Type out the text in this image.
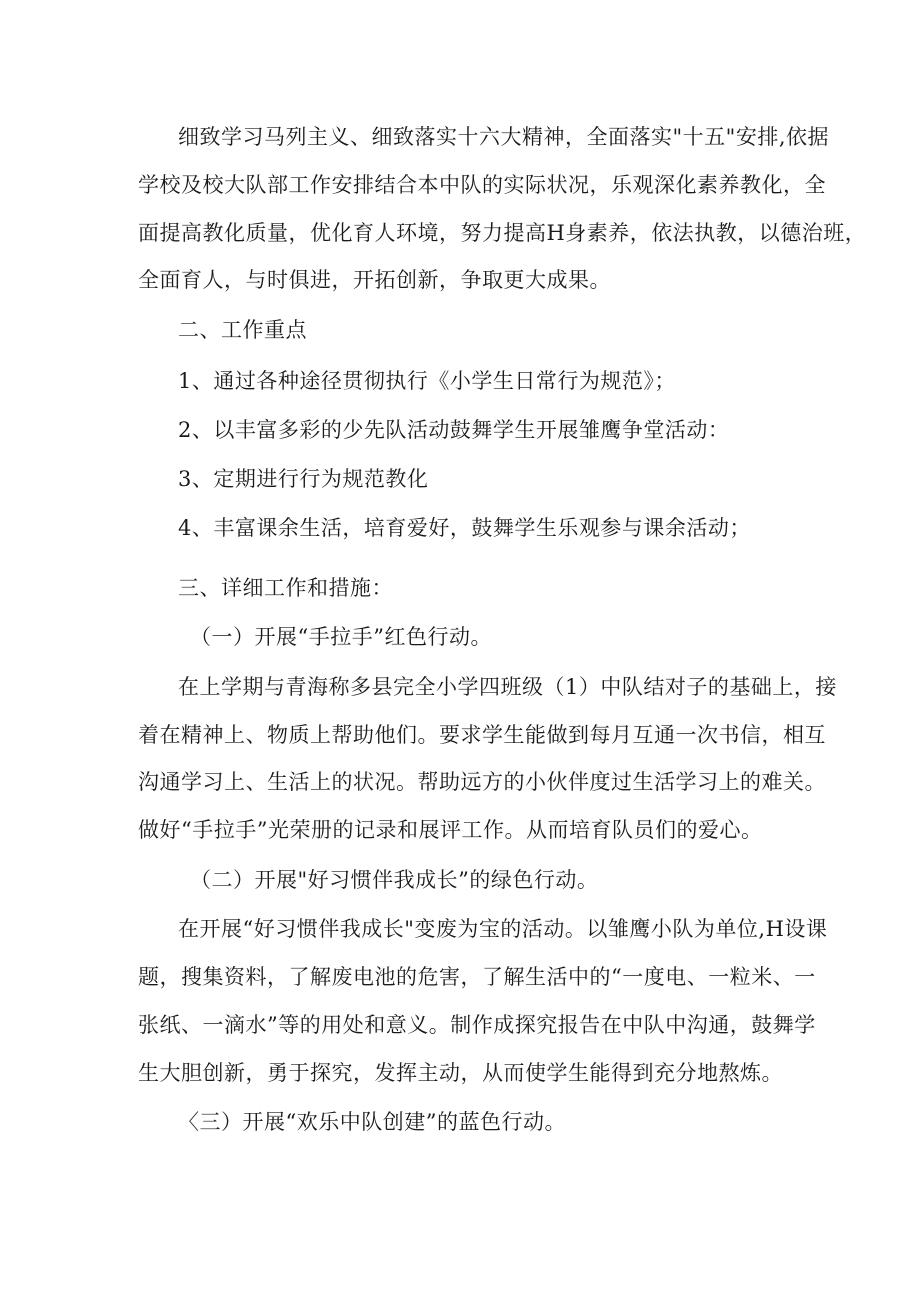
细致学习马列主义、细致落实十六大精神，全面落实"十五"安排,依据

学校及校大队部工作安排结合本中队的实际状况，乐观深化素养教化，全

面提高教化质量，优化育人环境，努力提高H身素养，依法执教，以德治班，

全面育人，与时俱进，开拓创新，争取更大成果。

二、工作重点

1、通过各种途径贯彻执行《小学生日常行为规范》；

2、以丰富多彩的少先队活动鼓舞学生开展雏鹰争堂活动：

3、定期进行行为规范教化

4、丰富课余生活，培育爱好，鼓舞学生乐观参与课余活动；

三、详细工作和措施：

（一）开展“手拉手”红色行动。

在上学期与青海称多县完全小学四班级（1）中队结对子的基础上，接

着在精神上、物质上帮助他们。要求学生能做到每月互通一次书信，相互

沟通学习上、生活上的状况。帮助远方的小伙伴度过生活学习上的难关。

做好“手拉手”光荣册的记录和展评工作。从而培育队员们的爱心。

（二）开展"好习惯伴我成长”的绿色行动。

在开展“好习惯伴我成长"变废为宝的活动。以雏鹰小队为单位,H设课

题，搜集资料，了解废电池的危害，了解生活中的“一度电、一粒米、一

张纸、一滴水”等的用处和意义。制作成探究报告在中队中沟通，鼓舞学

生大胆创新，勇于探究，发挥主动，从而使学生能得到充分地熬炼。

〈三）开展“欢乐中队创建”的蓝色行动。
